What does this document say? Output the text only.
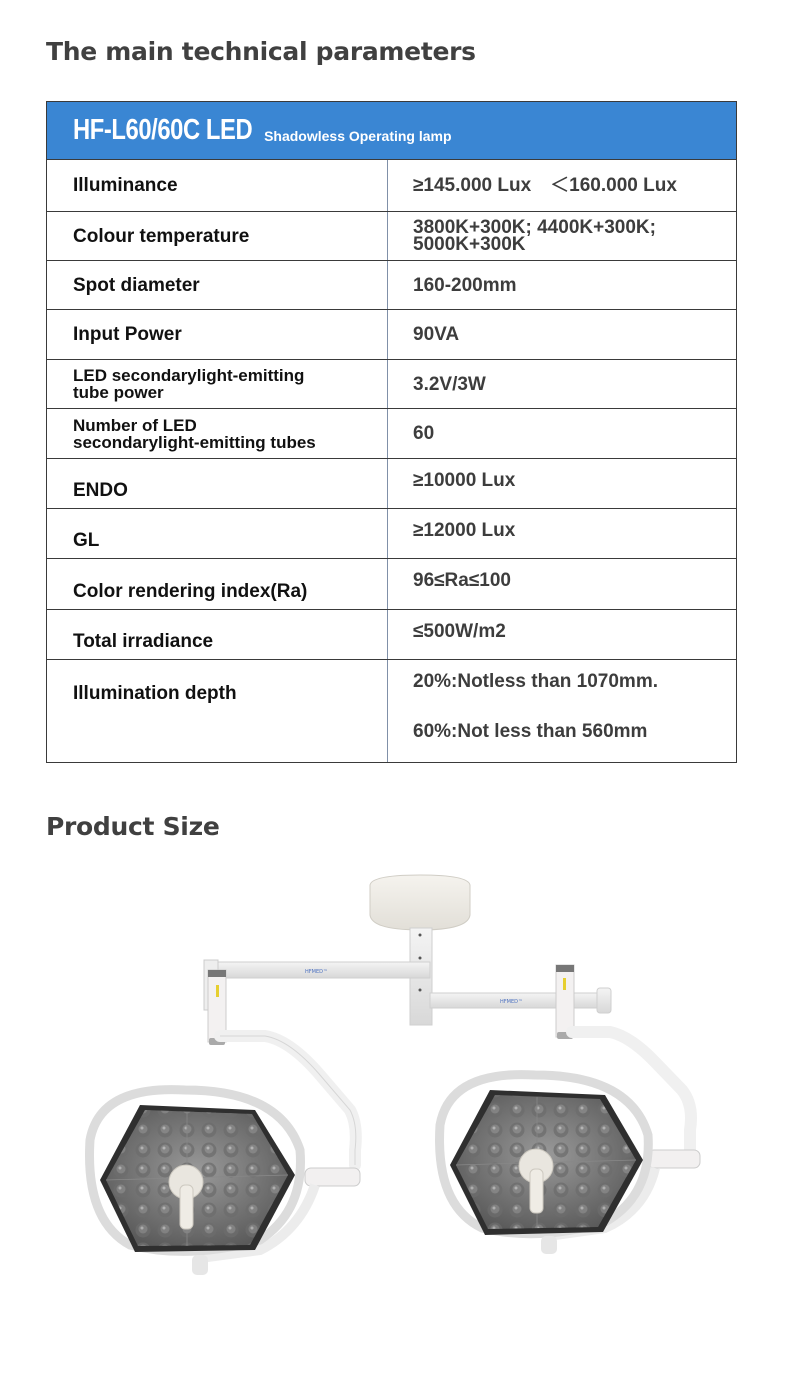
The main technical parameters
HF-L60/60C LED Shadowless Operating lamp	
Illuminance	≥145.000 Lux　＜160.000 Lux
Colour temperature	3800K+300K; 4400K+300K;
5000K+300K
Spot diameter	160-200mm
Input Power	90VA
LED secondarylight-emitting
tube power	3.2V/3W
Number of LED
secondarylight-emitting tubes	60
ENDO	≥10000 Lux
GL	≥12000 Lux
Color rendering index(Ra)	96≤Ra≤100
Total irradiance	≤500W/m2
Illumination depth	20%:Notless than 1070mm.

60%:Not less than 560mm
Product Size
HFMED™
HFMED™
